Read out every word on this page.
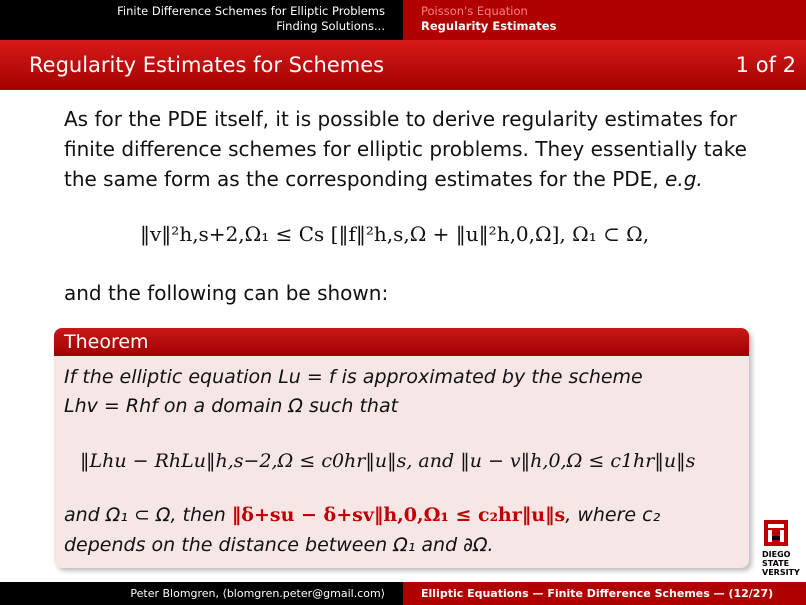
Finite Difference Schemes for Elliptic Problems
Finding Solutions...
Poisson's Equation
Regularity Estimates
Regularity Estimates for Schemes	1 of 2
As for the PDE itself, it is possible to derive regularity estimates for finite difference schemes for elliptic problems. They essentially take the same form as the corresponding estimates for the PDE, e.g.
‖v‖²h,s+2,Ω₁ ≤ Cs [‖f‖²h,s,Ω + ‖u‖²h,0,Ω], Ω₁ ⊂ Ω,
and the following can be shown:
Theorem
If the elliptic equation Lu = f is approximated by the scheme
Lhv = Rhf on a domain Ω such that
‖Lhu − RhLu‖h,s−2,Ω ≤ c0hr‖u‖s, and ‖u − v‖h,0,Ω ≤ c1hr‖u‖s
and Ω₁ ⊂ Ω, then ‖δ+su − δ+sv‖h,0,Ω₁ ≤ c₂hr‖u‖s, where c₂
depends on the distance between Ω₁ and ∂Ω.	DIEGO STATE
VERSITY
Peter Blomgren, ⟨blomgren.peter@gmail.com⟩	Elliptic Equations — Finite Difference Schemes — (12/27)
